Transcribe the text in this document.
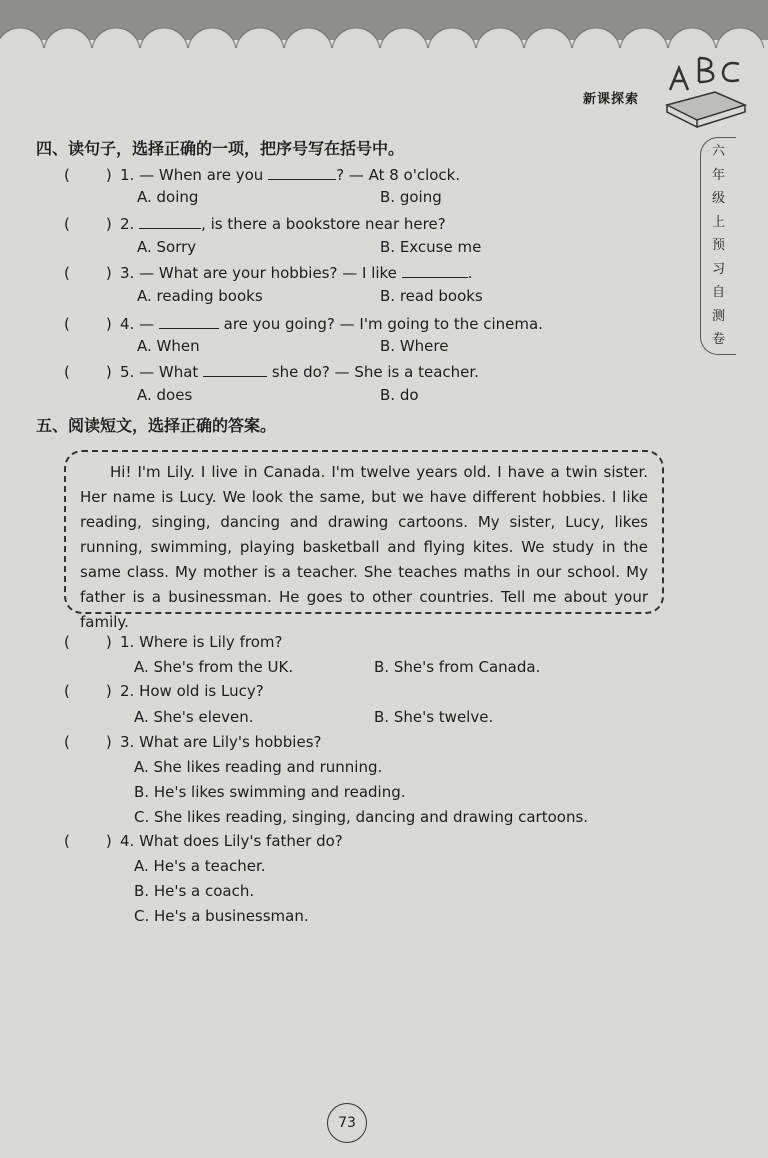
新课探索
六
年
级
上
预
习
自
测
卷
四、读句子，选择正确的一项，把序号写在括号中。
( )1. — When are you	? — At 8 o'clock.
A. doing	B. going
( )2.	, is there a bookstore near here?
A. Sorry	B. Excuse me
( )3. — What are your hobbies? — I like	.
A. reading books	B. read books
( )4. —	are you going? — I'm going to the cinema.
A. When	B. Where
( )5. — What	she do? — She is a teacher.
A. does	B. do
五、阅读短文，选择正确的答案。
Hi! I'm Lily. I live in Canada. I'm twelve years old. I have a twin sister. Her name is Lucy. We look the same, but we have different hobbies. I like reading, singing, dancing and drawing cartoons. My sister, Lucy, likes running, swimming, playing basketball and flying kites. We study in the same class. My mother is a teacher. She teaches maths in our school. My father is a businessman. He goes to other countries. Tell me about your family.
( )1. Where is Lily from?
A. She's from the UK.	B. She's from Canada.
( )2. How old is Lucy?
A. She's eleven.	B. She's twelve.
( )3. What are Lily's hobbies?
A. She likes reading and running.
B. He's likes swimming and reading.
C. She likes reading, singing, dancing and drawing cartoons.
( )4. What does Lily's father do?
A. He's a teacher.
B. He's a coach.
C. He's a businessman.
73
